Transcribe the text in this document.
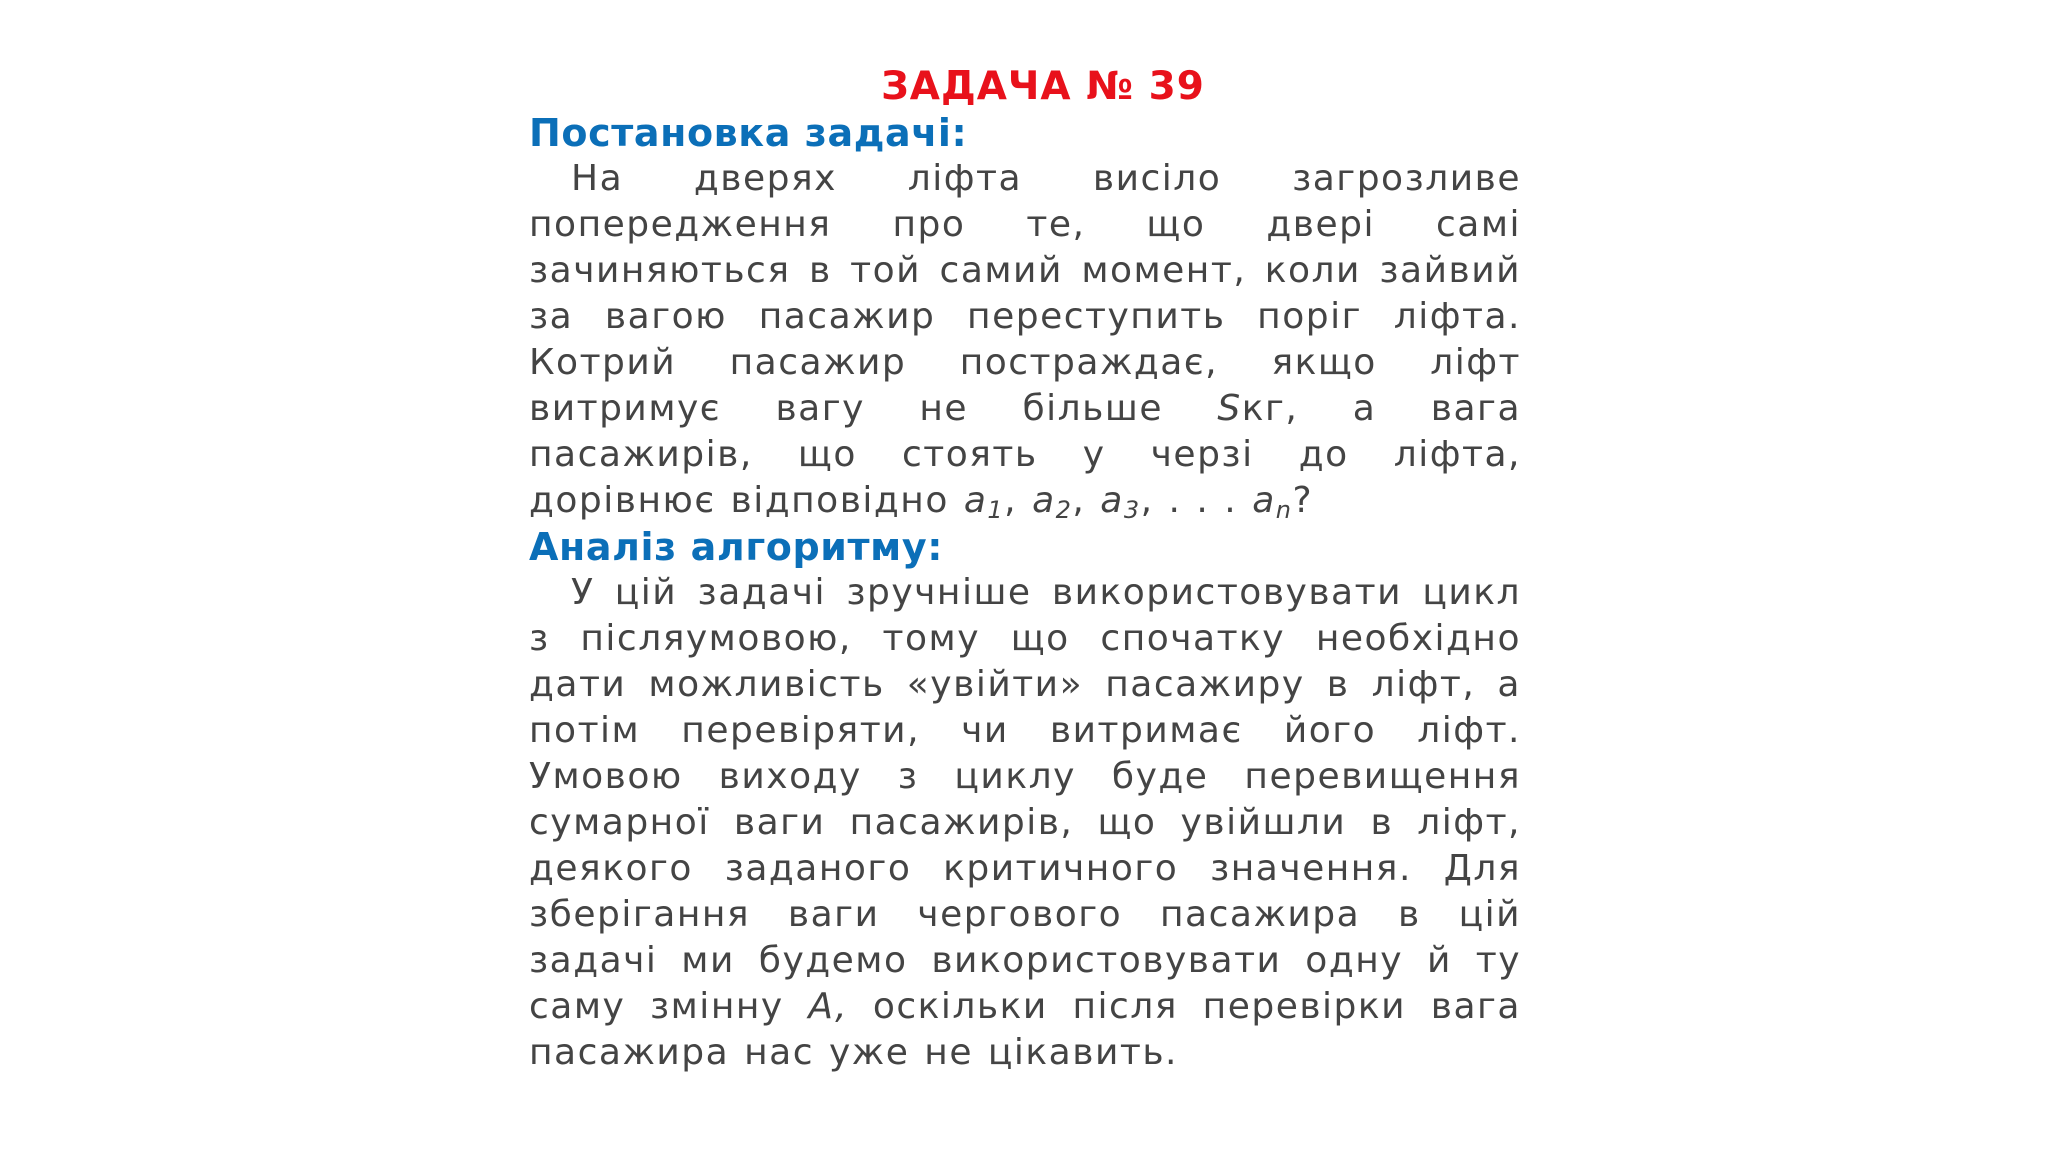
ЗАДАЧА № 39
Постановка задачі:
На дверях ліфта висіло загрозливе попередження про те, що двері самі зачиняються в той самий момент, коли зайвий за вагою пасажир переступить поріг ліфта. Котрий пасажир постраждає, якщо ліфт витримує вагу не більше Sкг, а вага пасажирів, що стоять у черзі до ліфта, дорівнює відповідно $a_1$, $a_2$, $a_3$, . . . $a_n$?
Аналіз алгоритму:
У цій задачі зручніше використовувати цикл з післяумовою, тому що спочатку необхідно дати можливість «увійти» пасажиру в ліфт, а потім перевіряти, чи витримає його ліфт. Умовою виходу з циклу буде перевищення сумарної ваги пасажирів, що увійшли в ліфт, деякого заданого критичного значення. Для зберігання ваги чергового пасажира в цій задачі ми будемо використовувати одну й ту саму змінну A, оскільки після перевірки вага пасажира нас уже не цікавить.
